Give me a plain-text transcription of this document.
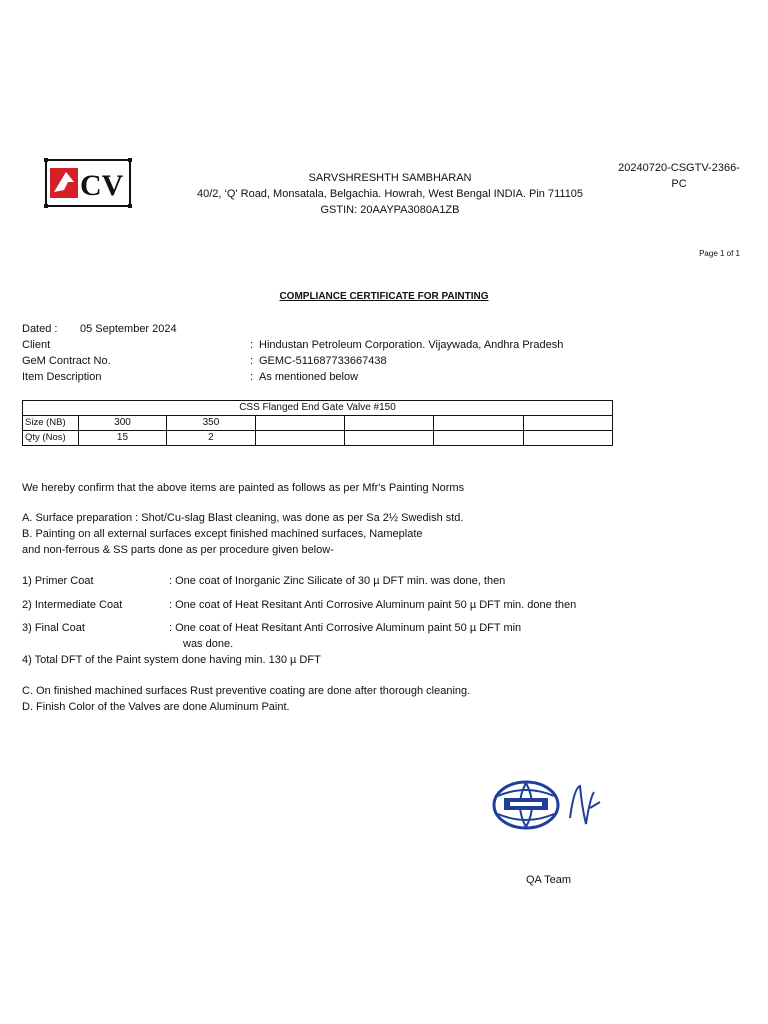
CV	SARVSHRESHTH SAMBHARAN
40/2, ‘Q' Road, Monsatala, Belgachia. Howrah, West Bengal INDIA. Pin 711105
GSTIN: 20AAYPA3080A1ZB
20240720-CSGTV-2366-
PC
Page 1 of 1
COMPLIANCE CERTIFICATE FOR PAINTING
Dated : 05 September 2024
Client	: Hindustan Petroleum Corporation. Vijaywada, Andhra Pradesh
GeM Contract No.	: GEMC-511687733667438
Item Description	: As mentioned below
CSS Flanged End Gate Valve #150						
Size (NB)	300	350				
Qty (Nos)	15	2				
We hereby confirm that the above items are painted as follows as per Mfr's Painting Norms
A. Surface preparation : Shot/Cu-slag Blast cleaning, was done as per Sa 2½ Swedish std.
B. Painting on all external surfaces except finished machined surfaces, Nameplate
and non-ferrous & SS parts done as per procedure given below-
1) Primer Coat	: One coat of Inorganic Zinc Silicate of 30 µ DFT min. was done, then
2) Intermediate Coat	: One coat of Heat Resitant Anti Corrosive Aluminum paint 50 µ DFT min. done then
3) Final Coat	: One coat of Heat Resitant Anti Corrosive Aluminum paint 50 µ DFT min
was done.
4) Total DFT of the Paint system done having min. 130 µ DFT
C. On finished machined surfaces Rust preventive coating are done after thorough cleaning.
D. Finish Color of the Valves are done Aluminum Paint.
QA Team
